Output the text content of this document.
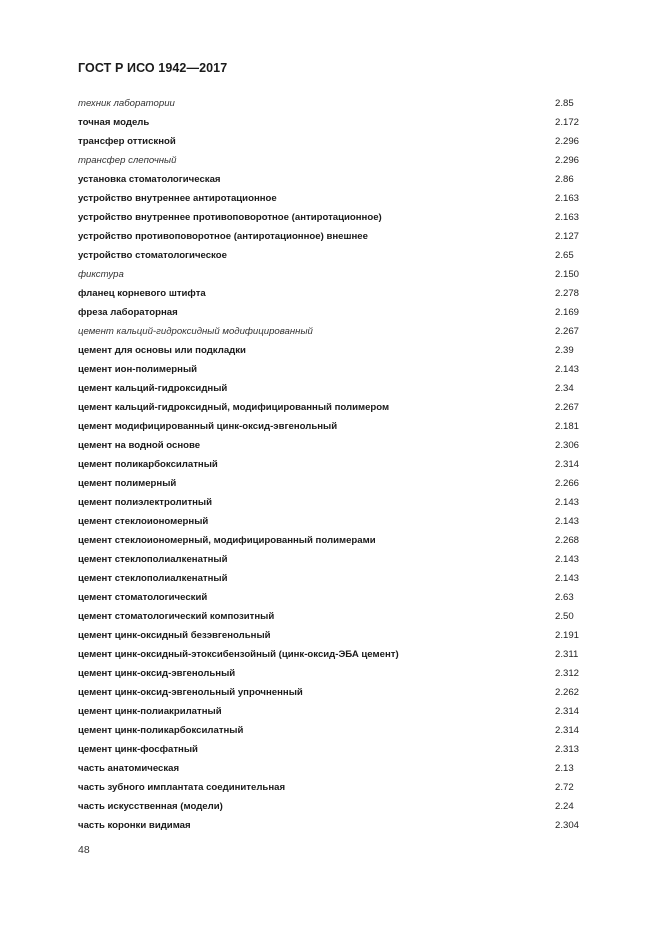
ГОСТ Р ИСО 1942—2017
техник лаборатории	2.85
точная модель	2.172
трансфер оттискной	2.296
трансфер слепочный	2.296
установка стоматологическая	2.86
устройство внутреннее антиротационное	2.163
устройство внутреннее противоповоротное (антиротационное)	2.163
устройство противоповоротное (антиротационное) внешнее	2.127
устройство стоматологическое	2.65
фикстура	2.150
фланец корневого штифта	2.278
фреза лабораторная	2.169
цемент кальций-гидроксидный модифицированный	2.267
цемент для основы или подкладки	2.39
цемент ион-полимерный	2.143
цемент кальций-гидроксидный	2.34
цемент кальций-гидроксидный, модифицированный полимером	2.267
цемент модифицированный цинк-оксид-эвгенольный	2.181
цемент на водной основе	2.306
цемент поликарбоксилатный	2.314
цемент полимерный	2.266
цемент полиэлектролитный	2.143
цемент стеклоиономерный	2.143
цемент стеклоиономерный, модифицированный полимерами	2.268
цемент стеклополиалкенатный	2.143
цемент стеклополиалкенатный	2.143
цемент стоматологический	2.63
цемент стоматологический композитный	2.50
цемент цинк-оксидный безэвгенольный	2.191
цемент цинк-оксидный-этоксибензойный (цинк-оксид-ЭБА цемент)	2.311
цемент цинк-оксид-эвгенольный	2.312
цемент цинк-оксид-эвгенольный упрочненный	2.262
цемент цинк-полиакрилатный	2.314
цемент цинк-поликарбоксилатный	2.314
цемент цинк-фосфатный	2.313
часть анатомическая	2.13
часть зубного имплантата соединительная	2.72
часть искусственная (модели)	2.24
часть коронки видимая	2.304
48
